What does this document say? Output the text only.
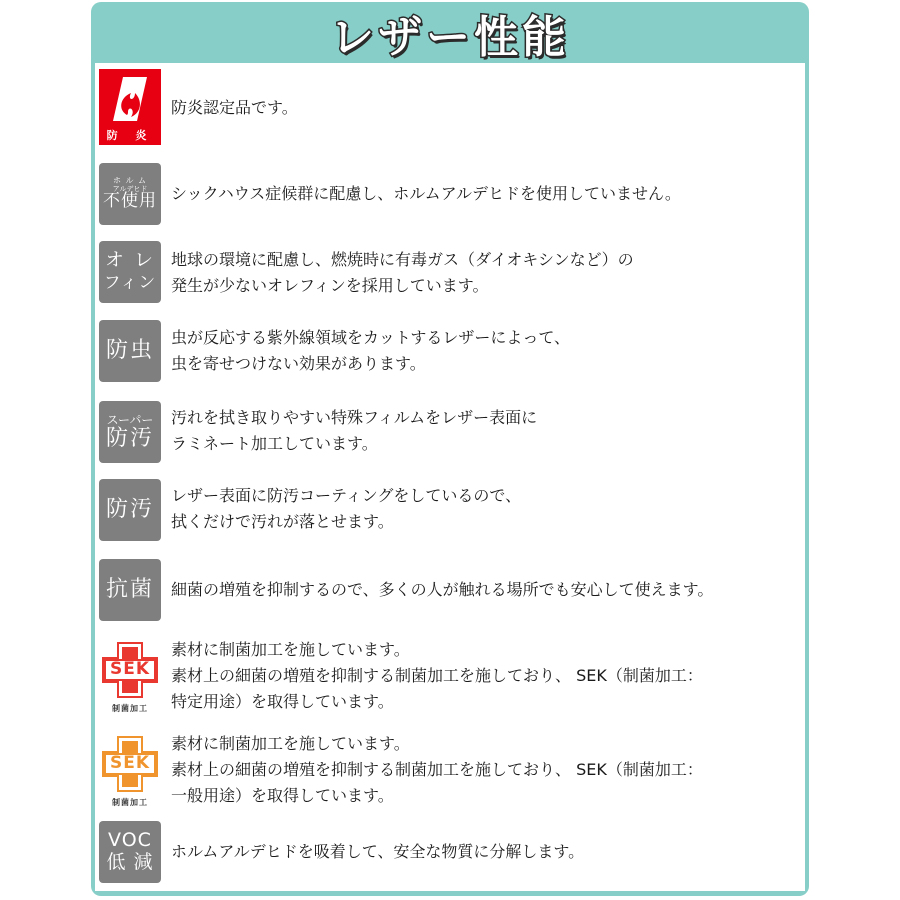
レザー性能
防 炎
防炎認定品です。
ホ ル ム
アルデヒド
不使用 シックハウス症候群に配慮し、ホルムアルデヒドを使用していません。
オ レ
フィン
地球の環境に配慮し、燃焼時に有毒ガス（ダイオキシンなど）の
発生が少ないオレフィンを採用しています。
防虫
虫が反応する紫外線領域をカットするレザーによって、
虫を寄せつけない効果があります。
スーパー
防汚
汚れを拭き取りやすい特殊フィルムをレザー表面に
ラミネート加工しています。
防汚
レザー表面に防汚コーティングをしているので、
拭くだけで汚れが落とせます。
抗菌 細菌の増殖を抑制するので、多くの人が触れる場所でも安心して使えます。
SEK
制菌加工
素材に制菌加工を施しています。
素材上の細菌の増殖を抑制する制菌加工を施しており、 SEK（制菌加工：
特定用途）を取得しています。
SEK
制菌加工
素材に制菌加工を施しています。
素材上の細菌の増殖を抑制する制菌加工を施しており、 SEK（制菌加工：
一般用途）を取得しています。
VOC
低 減 ホルムアルデヒドを吸着して、安全な物質に分解します。
